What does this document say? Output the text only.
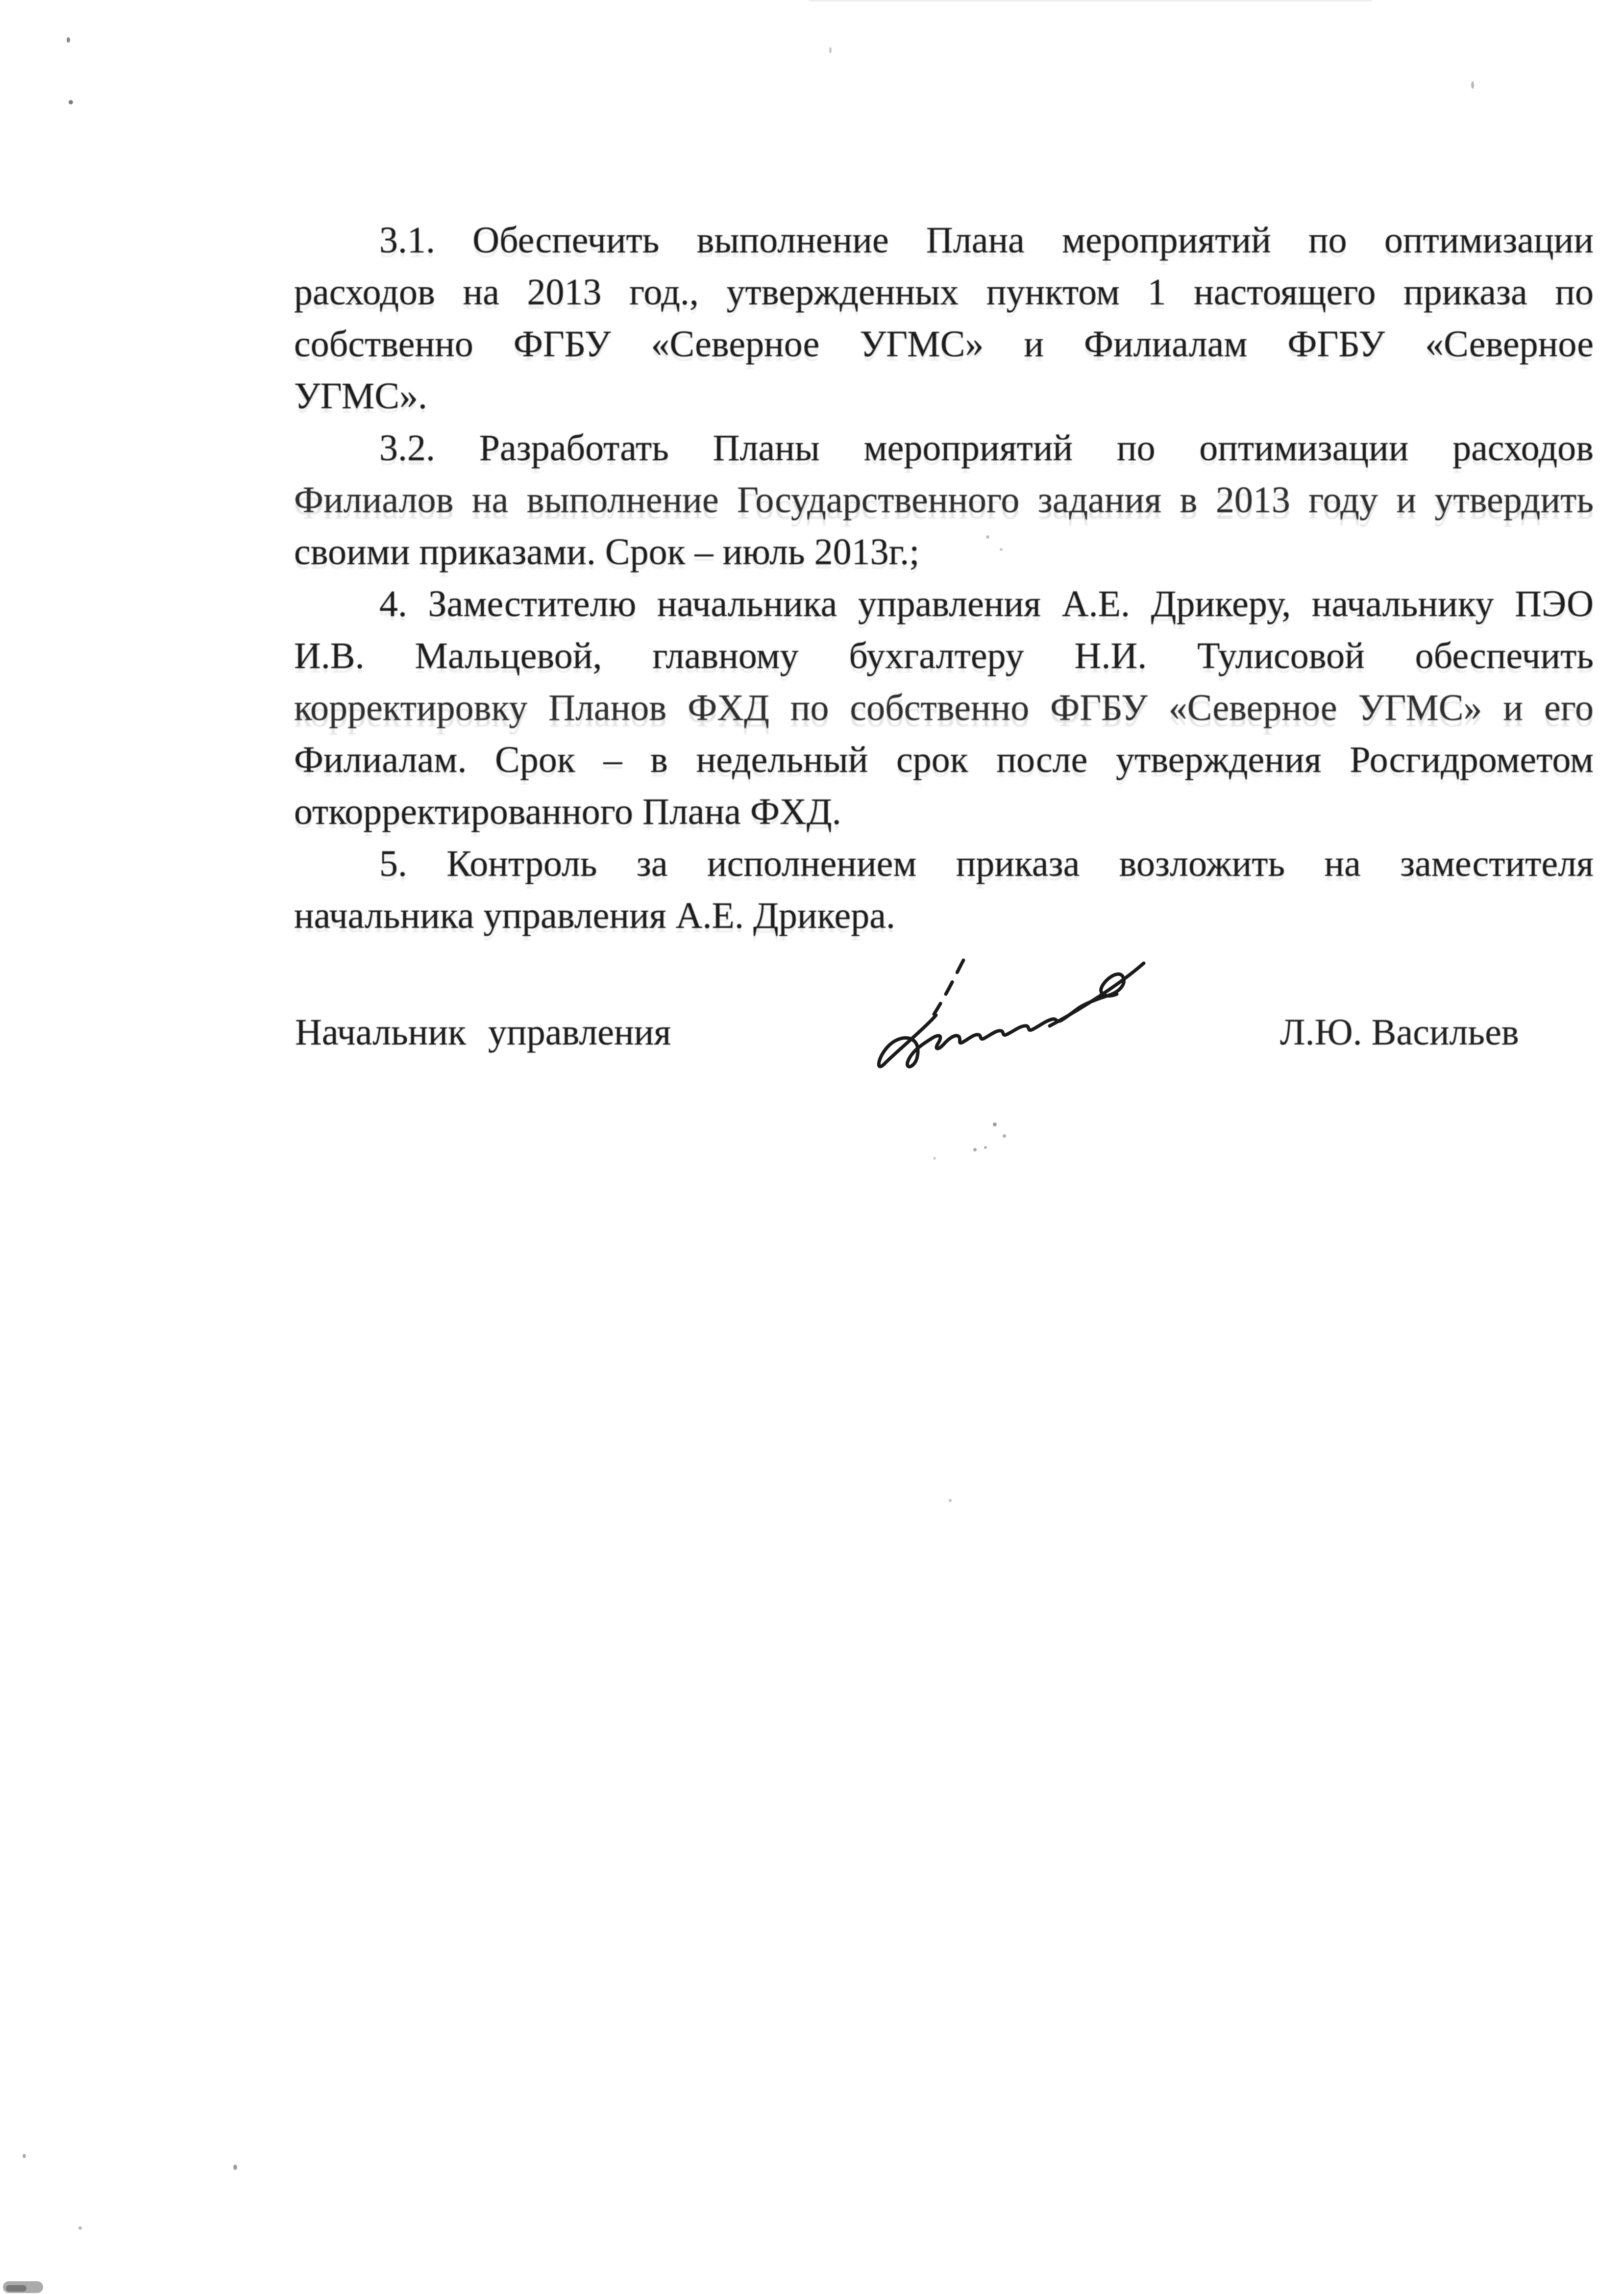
3.1. Обеспечить выполнение Плана мероприятий по оптимизации
расходов на 2013 год., утвержденных пунктом 1 настоящего приказа по
собственно ФГБУ «Северное УГМС» и Филиалам ФГБУ «Северное
УГМС».
3.2. Разработать Планы мероприятий по оптимизации расходов
Филиалов на выполнение Государственного задания в 2013 году и утвердить
своими приказами. Срок – июль 2013г.;
4. Заместителю начальника управления А.Е. Дрикеру, начальнику ПЭО
И.В. Мальцевой, главному бухгалтеру Н.И. Тулисовой обеспечить
корректировку Планов ФХД по собственно ФГБУ «Северное УГМС» и его
Филиалам. Срок – в недельный срок после утверждения Росгидрометом
откорректированного Плана ФХД.
5. Контроль за исполнением приказа возложить на заместителя
начальника управления А.Е. Дрикера.
Начальник управления	Л.Ю. Васильев
